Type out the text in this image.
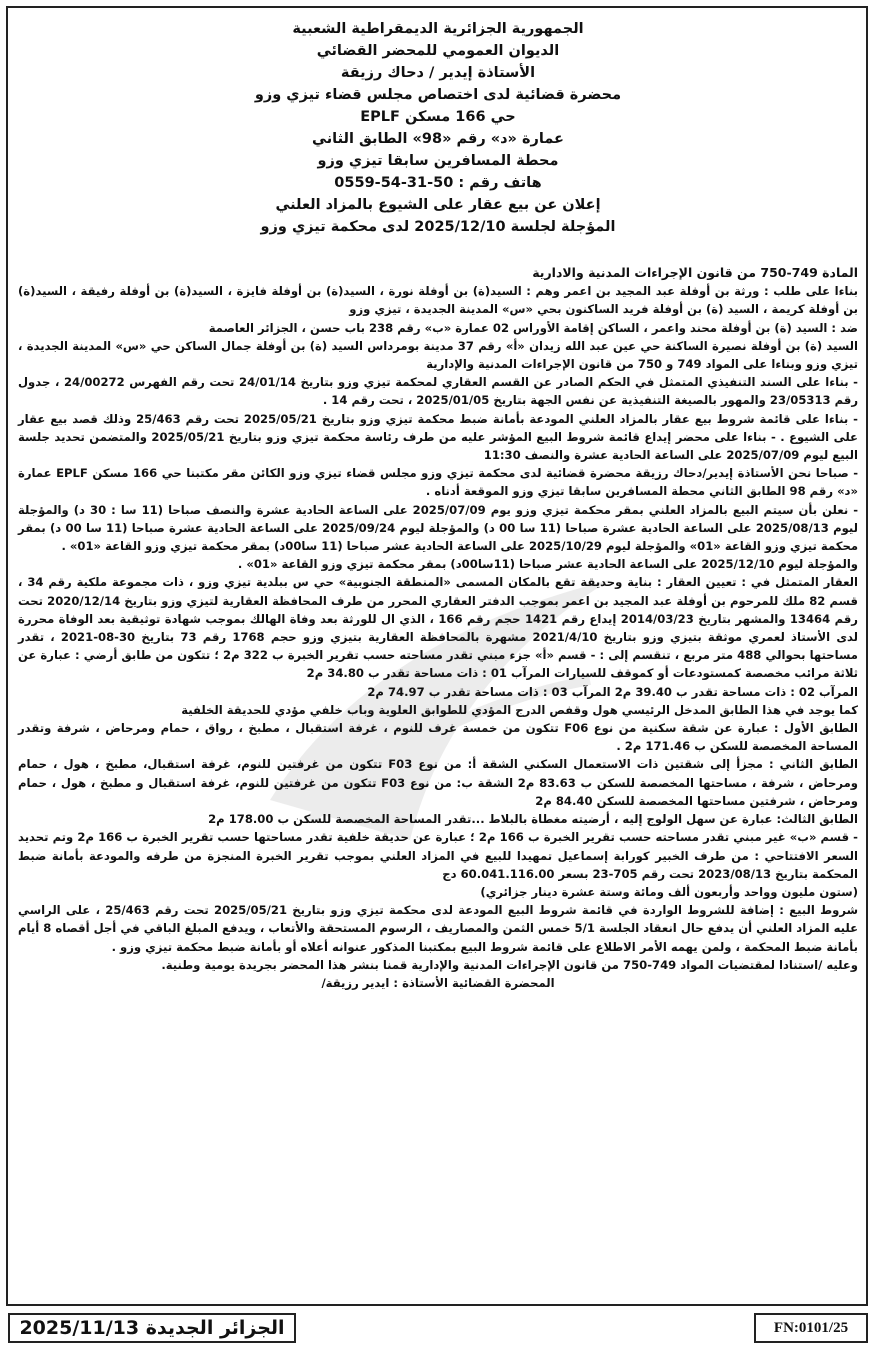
الجمهورية الجزائرية الديمقراطية الشعبية
الديوان العمومي للمحضر القضائي
الأستاذة إيدير / دحاك رزيقة
محضرة قضائية لدى اختصاص مجلس قضاء تيزي وزو
حي 166 مسكن EPLF
عمارة «د» رقم «98» الطابق الثاني
محطة المسافرين سابقا تيزي وزو
هاتف رقم : 50-31-54-0559
إعلان عن بيع عقار على الشيوع بالمزاد العلني
المؤجلة لجلسة 2025/12/10 لدى محكمة تيزي وزو

المادة 749-750 من قانون الإجراءات المدنية والادارية

بناءا على طلب : ورثة بن أوفلة عبد المجيد بن اعمر وهم : السيد(ة) بن أوفلة نورة ، السيد(ة) بن أوفلة فايزة ، السيد(ة) بن أوفلة رفيقة ، السيد(ة) بن أوفلة كريمة ، السيد (ة) بن أوفلة فريد الساكنون بحي «س» المدينة الجديدة ، تيزي وزو

ضد : السيد (ة) بن أوفلة محند واعمر ، الساكن إقامة الأوراس 02 عمارة «ب» رقم 238 باب حسن ، الجزائر العاصمة

السيد (ة) بن أوفلة نصيرة الساكنة حي عين عبد الله زيدان «أ» رقم 37 مدينة بومرداس السيد (ة) بن أوفلة جمال الساكن حي «س» المدينة الجديدة ، تيزي وزو وبناءا على المواد 749 و 750 من قانون الإجراءات المدنية والإدارية

- بناءا على السند التنفيذي المتمثل في الحكم الصادر عن القسم العقاري لمحكمة تيزي وزو بتاريخ 24/01/14 تحت رقم الفهرس 24/00272 ، جدول رقم 23/05313 والمهور بالصيغة التنفيذية عن نفس الجهة بتاريخ 2025/01/05 ، تحت رقم 14 .

- بناءا على قائمة شروط بيع عقار بالمزاد العلني المودعة بأمانة ضبط محكمة تيزي وزو بتاريخ 2025/05/21 تحت رقم 25/463 وذلك قصد بيع عقار على الشيوع . - بناءا على محضر إيداع قائمة شروط البيع المؤشر عليه من طرف رئاسة محكمة تيزي وزو بتاريخ 2025/05/21 والمتضمن تحديد جلسة البيع ليوم 2025/07/09 على الساعة الحادية عشرة والنصف 11:30

- صباحا نحن الأستاذة إيدير/دحاك رزيقة محضرة قضائية لدى محكمة تيزي وزو مجلس قضاء تيزي وزو الكائن مقر مكتبنا حي 166 مسكن EPLF عمارة «د» رقم 98 الطابق الثاني محطة المسافرين سابقا تيزي وزو الموقعة أدناه .

- نعلن بأن سيتم البيع بالمزاد العلني بمقر محكمة تيزي وزو يوم 2025/07/09 على الساعة الحادية عشرة والنصف صباحا (11 سا : 30 د) والمؤجلة ليوم 2025/08/13 على الساعة الحادية عشرة صباحا (11 سا 00 د) والمؤجلة ليوم 2025/09/24 على الساعة الحادية عشرة صباحا (11 سا 00 د) بمقر محكمة تيزي وزو القاعة «01» والمؤجلة ليوم 2025/10/29 على الساعة الحادية عشر صباحا (11 سا00د) بمقر محكمة تيزي وزو القاعة «01» .

والمؤجلة ليوم 2025/12/10 على الساعة الحادية عشر صباحا (11سا00د) بمقر محكمة تيزي وزو القاعة «01» .

العقار المتمثل في : تعيين العقار : بناية وحديقة تقع بالمكان المسمى «المنطقة الجنوبية» حي س ببلدية تيزي وزو ، ذات مجموعة ملكية رقم 34 ، قسم 82 ملك للمرحوم بن أوفلة عبد المجيد بن اعمر بموجب الدفتر العقاري المحرر من طرف المحافظة العقارية لتيزي وزو بتاريخ 2020/12/14 تحت رقم 13464 والمشهر بتاريخ 2014/03/23 إيداع رقم 1421 حجم رقم 166 ، الذي ال للورثة بعد وفاة الهالك بموجب شهادة توثيقية بعد الوفاة محررة لدى الأستاذ لعمري موثقة بتيزي وزو بتاريخ 2021/4/10 مشهرة بالمحافظة العقارية بتيزي وزو حجم 1768 رقم 73 بتاريخ 30-08-2021 ، تقدر مساحتها بحوالي 488 متر مربع ، تنقسم إلى : - قسم «أ» جزء مبني تقدر مساحته حسب تقرير الخبرة ب 322 م2 ؛ تتكون من طابق أرضي : عبارة عن ثلاثة مرائب مخصصة كمستودعات أو كموقف للسيارات المرآب 01 : ذات مساحة تقدر ب 34.80 م2

المرآب 02 : ذات مساحة تقدر ب 39.40 م2 المرآب 03 : ذات مساحة تقدر ب 74.97 م2

كما يوجد في هذا الطابق المدخل الرئيسي هول وقفص الدرج المؤدي للطوابق العلوية وباب خلفي مؤدي للحديقة الخلفية

الطابق الأول : عبارة عن شقة سكنية من نوع F06 تتكون من خمسة غرف للنوم ، غرفة استقبال ، مطبخ ، رواق ، حمام ومرحاض ، شرفة وتقدر المساحة المخصصة للسكن ب 171.46 م2 .

الطابق الثاني : مجزأ إلى شقتين ذات الاستعمال السكني الشقة أ: من نوع F03 تتكون من غرفتين للنوم، غرفة استقبال، مطبخ ، هول ، حمام ومرحاض ، شرفة ، مساحتها المخصصة للسكن ب 83.63 م2 الشقة ب: من نوع F03 تتكون من غرفتين للنوم، غرفة استقبال و مطبخ ، هول ، حمام ومرحاض ، شرفتين مساحتها المخصصة للسكن 84.40 م2

الطابق الثالث: عبارة عن سهل الولوج إليه ، أرضيته مغطاة بالبلاط ...تقدر المساحة المخصصة للسكن ب 178.00 م2

- قسم «ب» غير مبني تقدر مساحته حسب تقرير الخبرة ب 166 م2 ؛ عبارة عن حديقة خلفية تقدر مساحتها حسب تقرير الخبرة ب 166 م2 وتم تحديد السعر الافتتاحي : من طرف الخبير كورابة إسماعيل تمهيدا للبيع في المزاد العلني بموجب تقرير الخبرة المنجزة من طرفه والمودعة بأمانة ضبط المحكمة بتاريخ 2023/08/13 تحت رقم 705-23 بسعر 60.041.116.00 دج

(ستون مليون وواحد وأربعون ألف ومائة وستة عشرة دينار جزائري)

شروط البيع : إضافة للشروط الواردة في قائمة شروط البيع المودعة لدى محكمة تيزي وزو بتاريخ 2025/05/21 تحت رقم 25/463 ، على الراسي عليه المزاد العلني أن يدفع حال انعقاد الجلسة 5/1 خمس الثمن والمصاريف ، الرسوم المستحقة والأتعاب ، ويدفع المبلغ الباقي في أجل أقصاه 8 أيام بأمانة ضبط المحكمة ، ولمن يهمه الأمر الاطلاع على قائمة شروط البيع بمكتبنا المذكور عنوانه أعلاه أو بأمانة ضبط محكمة تيزي وزو .

وعليه /استنادا لمقتضيات المواد 749-750 من قانون الإجراءات المدنية والإدارية قمنا بنشر هذا المحضر بجريدة يومية وطنية.

المحضرة القضائية الأستاذة : ايدير رزيقة/

الجزائر الجديدة 2025/11/13	FN:0101/25
